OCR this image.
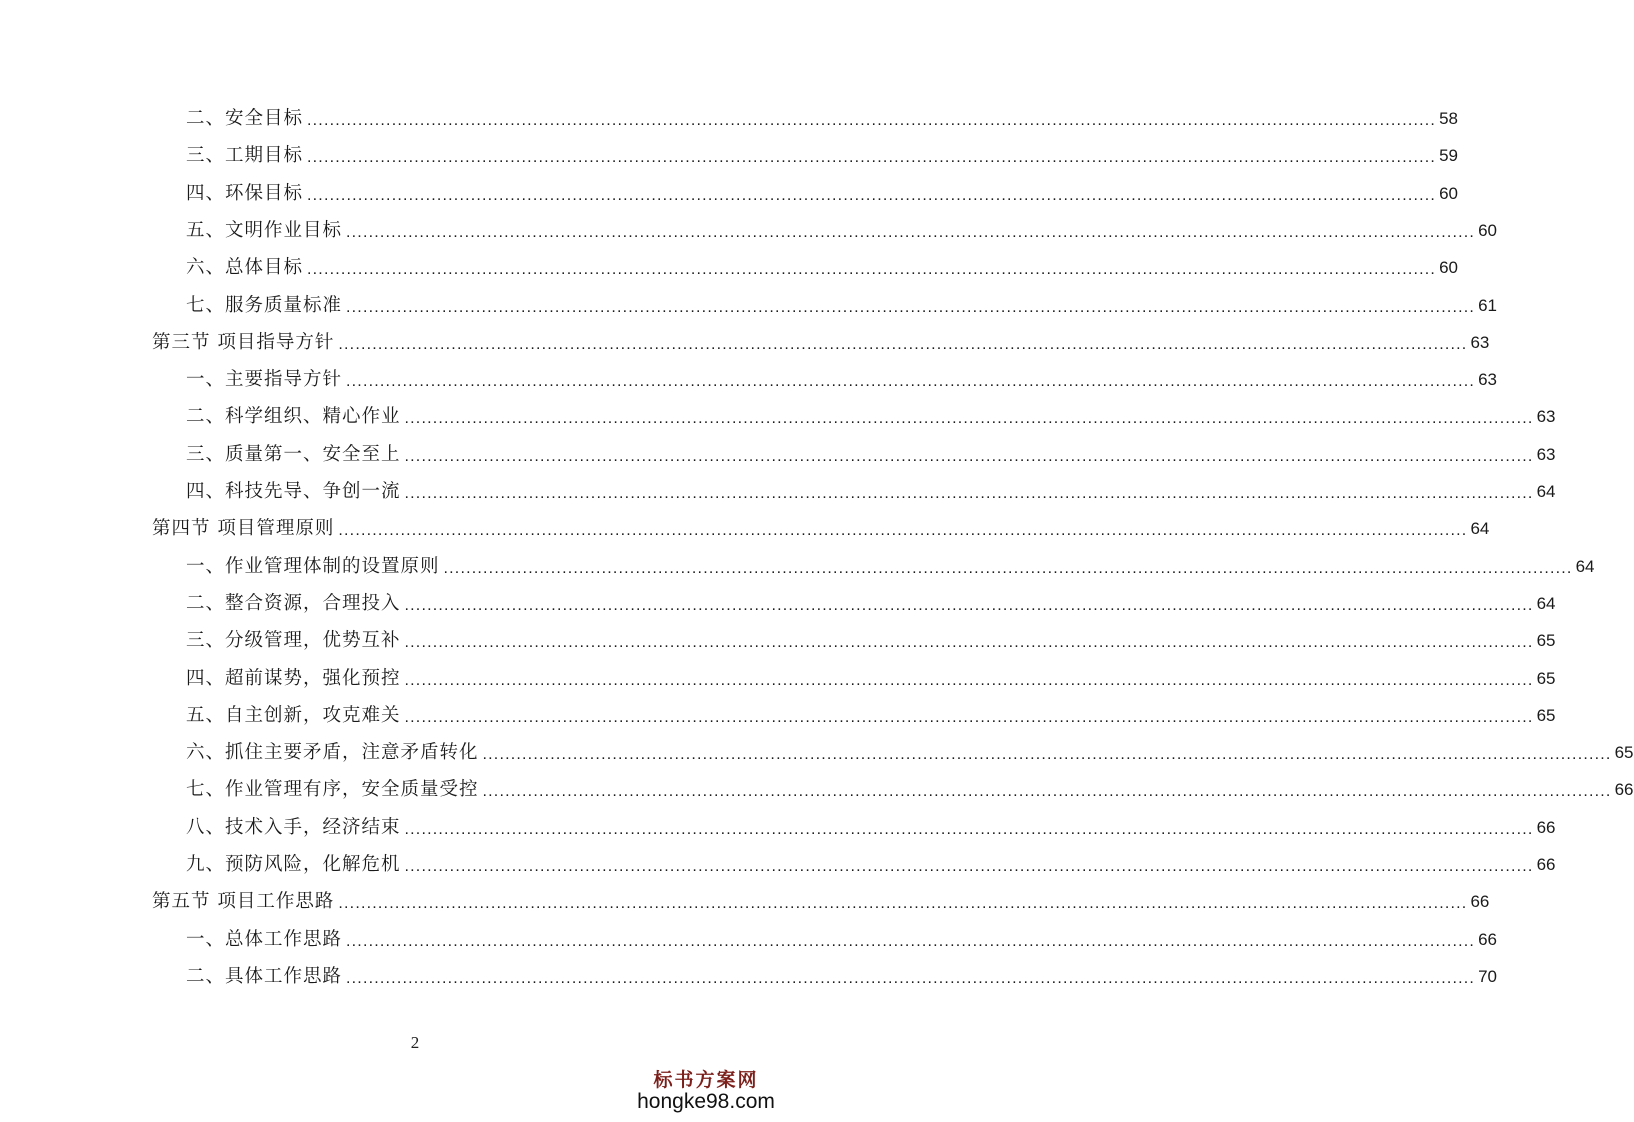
二、安全目标 ........................................................................................................................................................................................................ 58
三、工期目标 ........................................................................................................................................................................................................ 59
四、环保目标 ........................................................................................................................................................................................................ 60
五、文明作业目标 ........................................................................................................................................................................................................ 60
六、总体目标 ........................................................................................................................................................................................................ 60
七、服务质量标准 ........................................................................................................................................................................................................ 61
第三节 项目指导方针 ........................................................................................................................................................................................................ 63
一、主要指导方针 ........................................................................................................................................................................................................ 63
二、科学组织、精心作业 ........................................................................................................................................................................................................ 63
三、质量第一、安全至上 ........................................................................................................................................................................................................ 63
四、科技先导、争创一流 ........................................................................................................................................................................................................ 64
第四节 项目管理原则 ........................................................................................................................................................................................................ 64
一、作业管理体制的设置原则 ........................................................................................................................................................................................................ 64
二、整合资源，合理投入 ........................................................................................................................................................................................................ 64
三、分级管理，优势互补 ........................................................................................................................................................................................................ 65
四、超前谋势，强化预控 ........................................................................................................................................................................................................ 65
五、自主创新，攻克难关 ........................................................................................................................................................................................................ 65
六、抓住主要矛盾，注意矛盾转化 ........................................................................................................................................................................................................ 65
七、作业管理有序，安全质量受控 ........................................................................................................................................................................................................ 66
八、技术入手，经济结束 ........................................................................................................................................................................................................ 66
九、预防风险，化解危机 ........................................................................................................................................................................................................ 66
第五节 项目工作思路 ........................................................................................................................................................................................................ 66
一、总体工作思路 ........................................................................................................................................................................................................ 66
二、具体工作思路 ........................................................................................................................................................................................................ 70
2
标书方案网
hongke98.com
